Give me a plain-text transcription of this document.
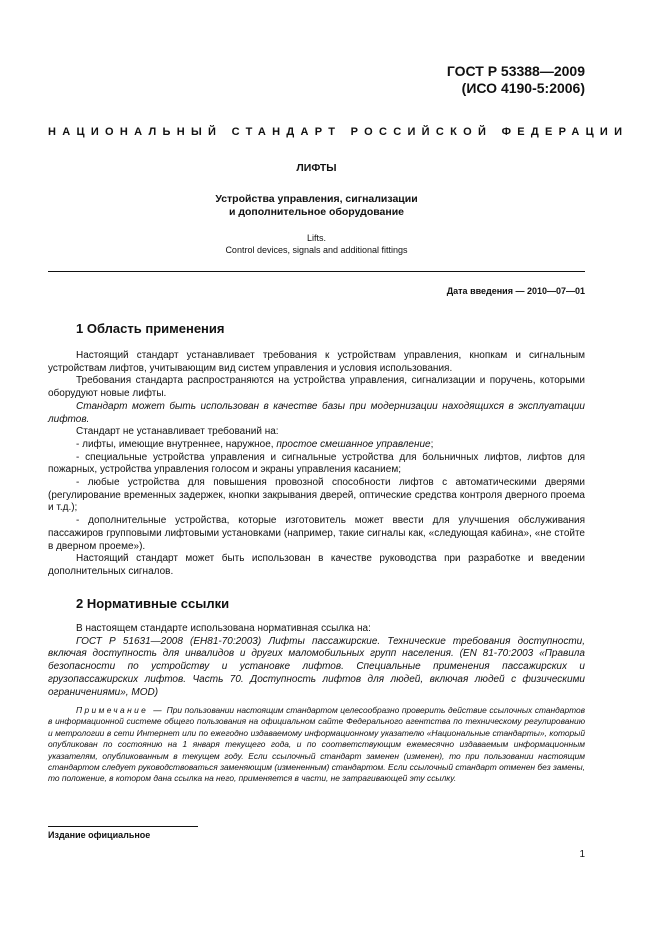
ГОСТ Р 53388—2009
(ИСО 4190-5:2006)
НАЦИОНАЛЬНЫЙ СТАНДАРТ РОССИЙСКОЙ ФЕДЕРАЦИИ
ЛИФТЫ
Устройства управления, сигнализации
и дополнительное оборудование
Lifts.
Control devices, signals and additional fittings
Дата введения — 2010—07—01
1 Область применения

Настоящий стандарт устанавливает требования к устройствам управления, кнопкам и сигнальным устройствам лифтов, учитывающим вид систем управления и условия использования.

Требования стандарта распространяются на устройства управления, сигнализации и поручень, которыми оборудуют новые лифты.

Стандарт может быть использован в качестве базы при модернизации находящихся в эксплуатации лифтов.

Стандарт не устанавливает требований на:

- лифты, имеющие внутреннее, наружное, простое смешанное управление;

- специальные устройства управления и сигнальные устройства для больничных лифтов, лифтов для пожарных, устройства управления голосом и экраны управления касанием;

- любые устройства для повышения провозной способности лифтов с автоматическими дверями (регулирование временных задержек, кнопки закрывания дверей, оптические средства контроля дверного проема и т.д.);

- дополнительные устройства, которые изготовитель может ввести для улучшения обслуживания пассажиров групповыми лифтовыми установками (например, такие сигналы как, «следующая кабина», «не стойте в дверном проеме»).

Настоящий стандарт может быть использован в качестве руководства при разработке и введении дополнительных сигналов.

2 Нормативные ссылки

В настоящем стандарте использована нормативная ссылка на:

ГОСТ Р 51631—2008 (ЕН81-70:2003) Лифты пассажирские. Технические требования доступности, включая доступность для инвалидов и других маломобильных групп населения. (EN 81-70:2003 «Правила безопасности по устройству и установке лифтов. Специальные применения пассажирских и грузопассажирских лифтов. Часть 70. Доступность лифтов для людей, включая людей с физическими ограничениями», MOD)

Примечание — При пользовании настоящим стандартом целесообразно проверить действие ссылочных стандартов в информационной системе общего пользования на официальном сайте Федерального агентства по техническому регулированию и метрологии в сети Интернет или по ежегодно издаваемому информационному указателю «Национальные стандарты», который опубликован по состоянию на 1 января текущего года, и по соответствующим ежемесячно издаваемым информационным указателям, опубликованным в текущем году. Если ссылочный стандарт заменен (изменен), то при пользовании настоящим стандартом следует руководствоваться заменяющим (измененным) стандартом. Если ссылочный стандарт отменен без замены, то положение, в котором дана ссылка на него, применяется в части, не затрагивающей эту ссылку.

Издание официальное
1
